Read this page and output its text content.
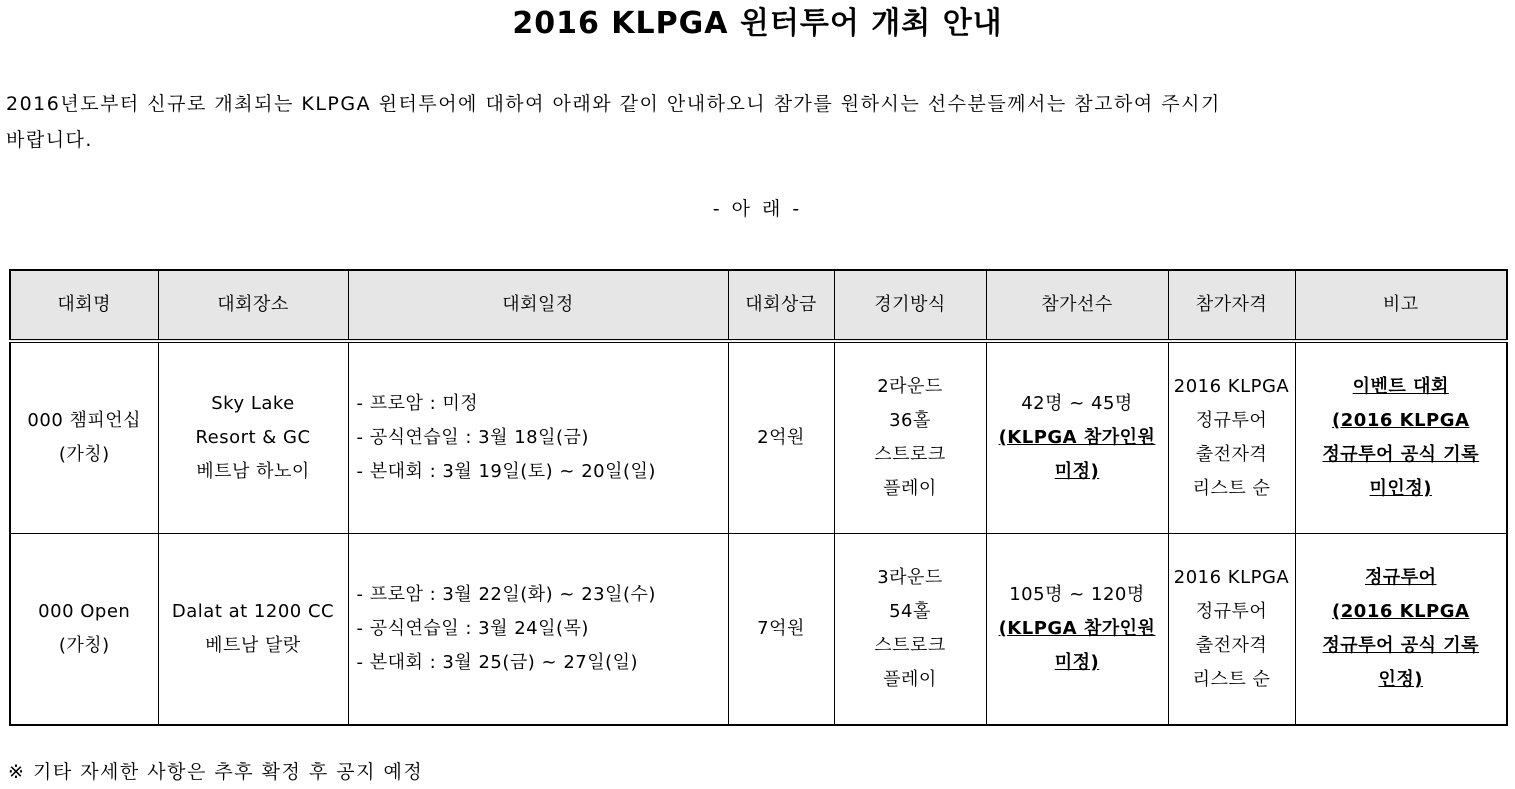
2016 KLPGA 윈터투어 개최 안내
2016년도부터 신규로 개최되는 KLPGA 윈터투어에 대하여 아래와 같이 안내하오니 참가를 원하시는 선수분들께서는 참고하여 주시기
바랍니다.
- 아 래 -
대회명	대회장소	대회일정	대회상금	경기방식	참가선수	참가자격	비고

000 챔피언십
(가칭)	Sky Lake
Resort & GC
베트남 하노이	- 프로암 : 미정
- 공식연습일 : 3월 18일(금)
- 본대회 : 3월 19일(토) ~ 20일(일)	2억원	2라운드
36홀
스트로크
플레이	42명 ~ 45명
(KLPGA 참가인원
미정)	2016 KLPGA
정규투어
출전자격
리스트 순	이벤트 대회
(2016 KLPGA
정규투어 공식 기록
미인정)

000 Open
(가칭)	Dalat at 1200 CC
베트남 달랏	- 프로암 : 3월 22일(화) ~ 23일(수)
- 공식연습일 : 3월 24일(목)
- 본대회 : 3월 25(금) ~ 27일(일)	7억원	3라운드
54홀
스트로크
플레이	105명 ~ 120명
(KLPGA 참가인원
미정)	2016 KLPGA
정규투어
출전자격
리스트 순	정규투어
(2016 KLPGA
정규투어 공식 기록
인정)
※ 기타 자세한 사항은 추후 확정 후 공지 예정
